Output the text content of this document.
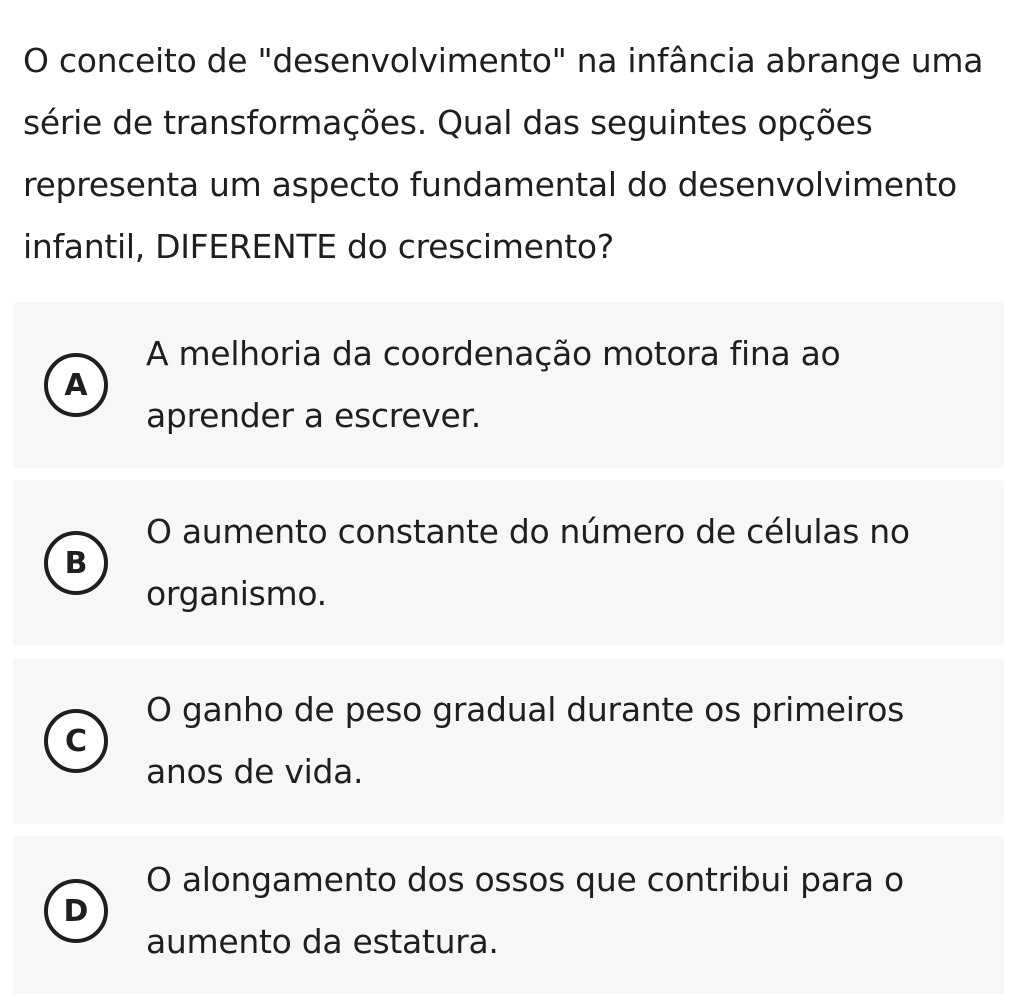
O conceito de "desenvolvimento" na infância abrange uma série de transformações. Qual das seguintes opções representa um aspecto fundamental do desenvolvimento infantil, DIFERENTE do crescimento?
A
A melhoria da coordenação motora fina ao aprender a escrever.
B
O aumento constante do número de células no organismo.
C
O ganho de peso gradual durante os primeiros anos de vida.
D
O alongamento dos ossos que contribui para o aumento da estatura.
